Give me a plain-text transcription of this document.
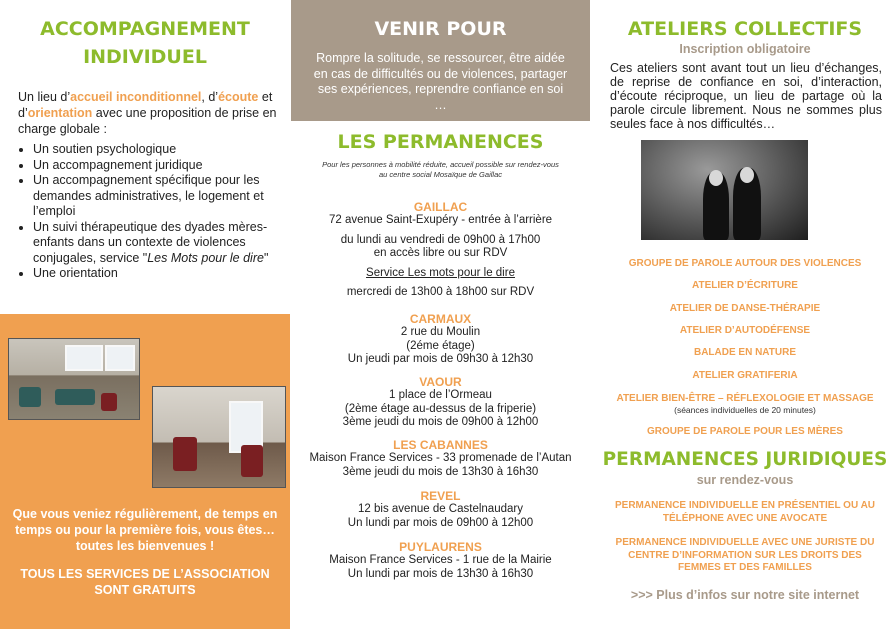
ACCOMPAGNEMENT INDIVIDUEL
Un lieu d’accueil inconditionnel, d’écoute et d’orientation avec une proposition de prise en charge globale :
• Un soutien psychologique
• Un accompagnement juridique
• Un accompagnement spécifique pour les demandes administratives, le logement et l’emploi
• Un suivi thérapeutique des dyades mères-enfants dans un contexte de violences conjugales, service "Les Mots pour le dire"
• Une orientation
Que vous veniez régulièrement, de temps en temps ou pour la première fois, vous êtes… toutes les bienvenues !
TOUS LES SERVICES DE L’ASSOCIATION SONT GRATUITS
VENIR POUR
Rompre la solitude, se ressourcer, être aidée en cas de difficultés ou de violences, partager ses expériences, reprendre confiance en soi …
LES PERMANENCES
Pour les personnes à mobilité réduite, accueil possible sur rendez-vous au centre social Mosaïque de Gaillac
GAILLAC

72 avenue Saint-Exupéry - entrée à l’arrière

du lundi au vendredi de 09h00 à 17h00

en accès libre ou sur RDV

Service Les mots pour le dire

mercredi de 13h00 à 18h00 sur RDV

CARMAUX

2 rue du Moulin

(2éme étage)

Un jeudi par mois de 09h30 à 12h30

VAOUR

1 place de l’Ormeau

(2ème étage au-dessus de la friperie)

3ème jeudi du mois de 09h00 à 12h00

LES CABANNES

Maison France Services - 33 promenade de l’Autan

3ème jeudi du mois de 13h30 à 16h30

REVEL

12 bis avenue de Castelnaudary

Un lundi par mois de 09h00 à 12h00

PUYLAURENS

Maison France Services - 1 rue de la Mairie

Un lundi par mois de 13h30 à 16h30

ATELIERS COLLECTIFS
Inscription obligatoire
Ces ateliers sont avant tout un lieu d’échanges, de reprise de confiance en soi, d’interaction, d’écoute réciproque, un lieu de partage où la parole circule librement. Nous ne sommes plus seules face à nos difficultés…
GROUPE DE PAROLE AUTOUR DES VIOLENCES
ATELIER D’ÉCRITURE
ATELIER DE DANSE-THÉRAPIE
ATELIER D’AUTODÉFENSE
BALADE EN NATURE
ATELIER GRATIFERIA
ATELIER BIEN-ÊTRE – RÉFLEXOLOGIE ET MASSAGE
(séances individuelles de 20 minutes)
GROUPE DE PAROLE POUR LES MÈRES
PERMANENCES JURIDIQUES
sur rendez-vous
PERMANENCE INDIVIDUELLE EN PRÉSENTIEL OU AU TÉLÉPHONE AVEC UNE AVOCATE
PERMANENCE INDIVIDUELLE AVEC UNE JURISTE DU CENTRE D’INFORMATION SUR LES DROITS DES FEMMES ET DES FAMILLES
>>> Plus d’infos sur notre site internet
